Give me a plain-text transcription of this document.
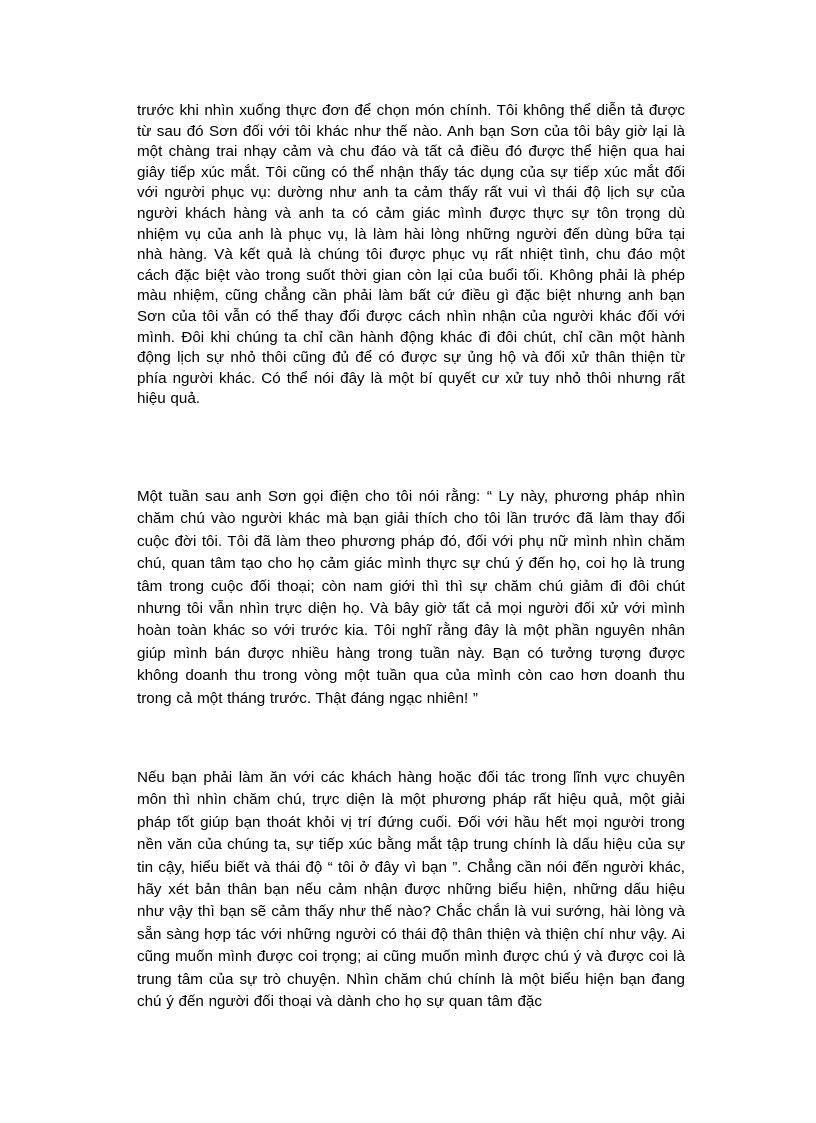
trước khi nhìn xuống thực đơn để chọn món chính. Tôi không thể diễn tả được từ sau đó Sơn đối với tôi khác như thế nào. Anh bạn Sơn của tôi bây giờ lại là một chàng trai nhạy cảm và chu đáo và tất cả điều đó được thể hiện qua hai giây tiếp xúc mắt. Tôi cũng có thể nhận thấy tác dụng của sự tiếp xúc mắt đối với người phục vụ: dường như anh ta cảm thấy rất vui vì thái độ lịch sự của người khách hàng và anh ta có cảm giác mình được thực sự tôn trọng dù nhiệm vụ của anh là phục vụ, là làm hài lòng những người đến dùng bữa tại nhà hàng. Và kết quả là chúng tôi được phục vụ rất nhiệt tình, chu đáo một cách đặc biệt vào trong suốt thời gian còn lại của buổi tối. Không phải là phép màu nhiệm, cũng chẳng cần phải làm bất cứ điều gì đặc biệt nhưng anh bạn Sơn của tôi vẫn có thể thay đổi được cách nhìn nhận của người khác đối với mình. Đôi khi chúng ta chỉ cần hành động khác đi đôi chút, chỉ cần một hành động lịch sự nhỏ thôi cũng đủ để có được sự ủng hộ và đối xử thân thiện từ phía người khác. Có thể nói đây là một bí quyết cư xử tuy nhỏ thôi nhưng rất hiệu quả.

Một tuần sau anh Sơn gọi điện cho tôi nói rằng: “ Ly này, phương pháp nhìn chăm chú vào người khác mà bạn giải thích cho tôi lần trước đã làm thay đổi cuộc đời tôi. Tôi đã làm theo phương pháp đó, đối với phụ nữ mình nhìn chăm chú, quan tâm tạo cho họ cảm giác mình thực sự chú ý đến họ, coi họ là trung tâm trong cuộc đối thoại; còn nam giới thì thì sự chăm chú giảm đi đôi chút nhưng tôi vẫn nhìn trực diện họ. Và bây giờ tất cả mọi người đối xử với mình hoàn toàn khác so với trước kia. Tôi nghĩ rằng đây là một phần nguyên nhân giúp mình bán được nhiều hàng trong tuần này. Bạn có tưởng tượng được không doanh thu trong vòng một tuần qua của mình còn cao hơn doanh thu trong cả một tháng trước. Thật đáng ngạc nhiên! ”

Nếu bạn phải làm ăn với các khách hàng hoặc đối tác trong lĩnh vực chuyên môn thì nhìn chăm chú, trực diện là một phương pháp rất hiệu quả, một giải pháp tốt giúp bạn thoát khỏi vị trí đứng cuối. Đối với hầu hết mọi người trong nền văn của chúng ta, sự tiếp xúc bằng mắt tập trung chính là dấu hiệu của sự tin cậy, hiểu biết và thái độ “ tôi ở đây vì bạn ”. Chẳng cần nói đến người khác, hãy xét bản thân bạn nếu cảm nhận được những biểu hiện, những dấu hiệu như vậy thì bạn sẽ cảm thấy như thế nào? Chắc chắn là vui sướng, hài lòng và sẵn sàng hợp tác với những người có thái độ thân thiện và thiện chí như vậy. Ai cũng muốn mình được coi trọng; ai cũng muốn mình được chú ý và được coi là trung tâm của sự trò chuyện. Nhìn chăm chú chính là một biểu hiện bạn đang chú ý đến người đối thoại và dành cho họ sự quan tâm đặc
